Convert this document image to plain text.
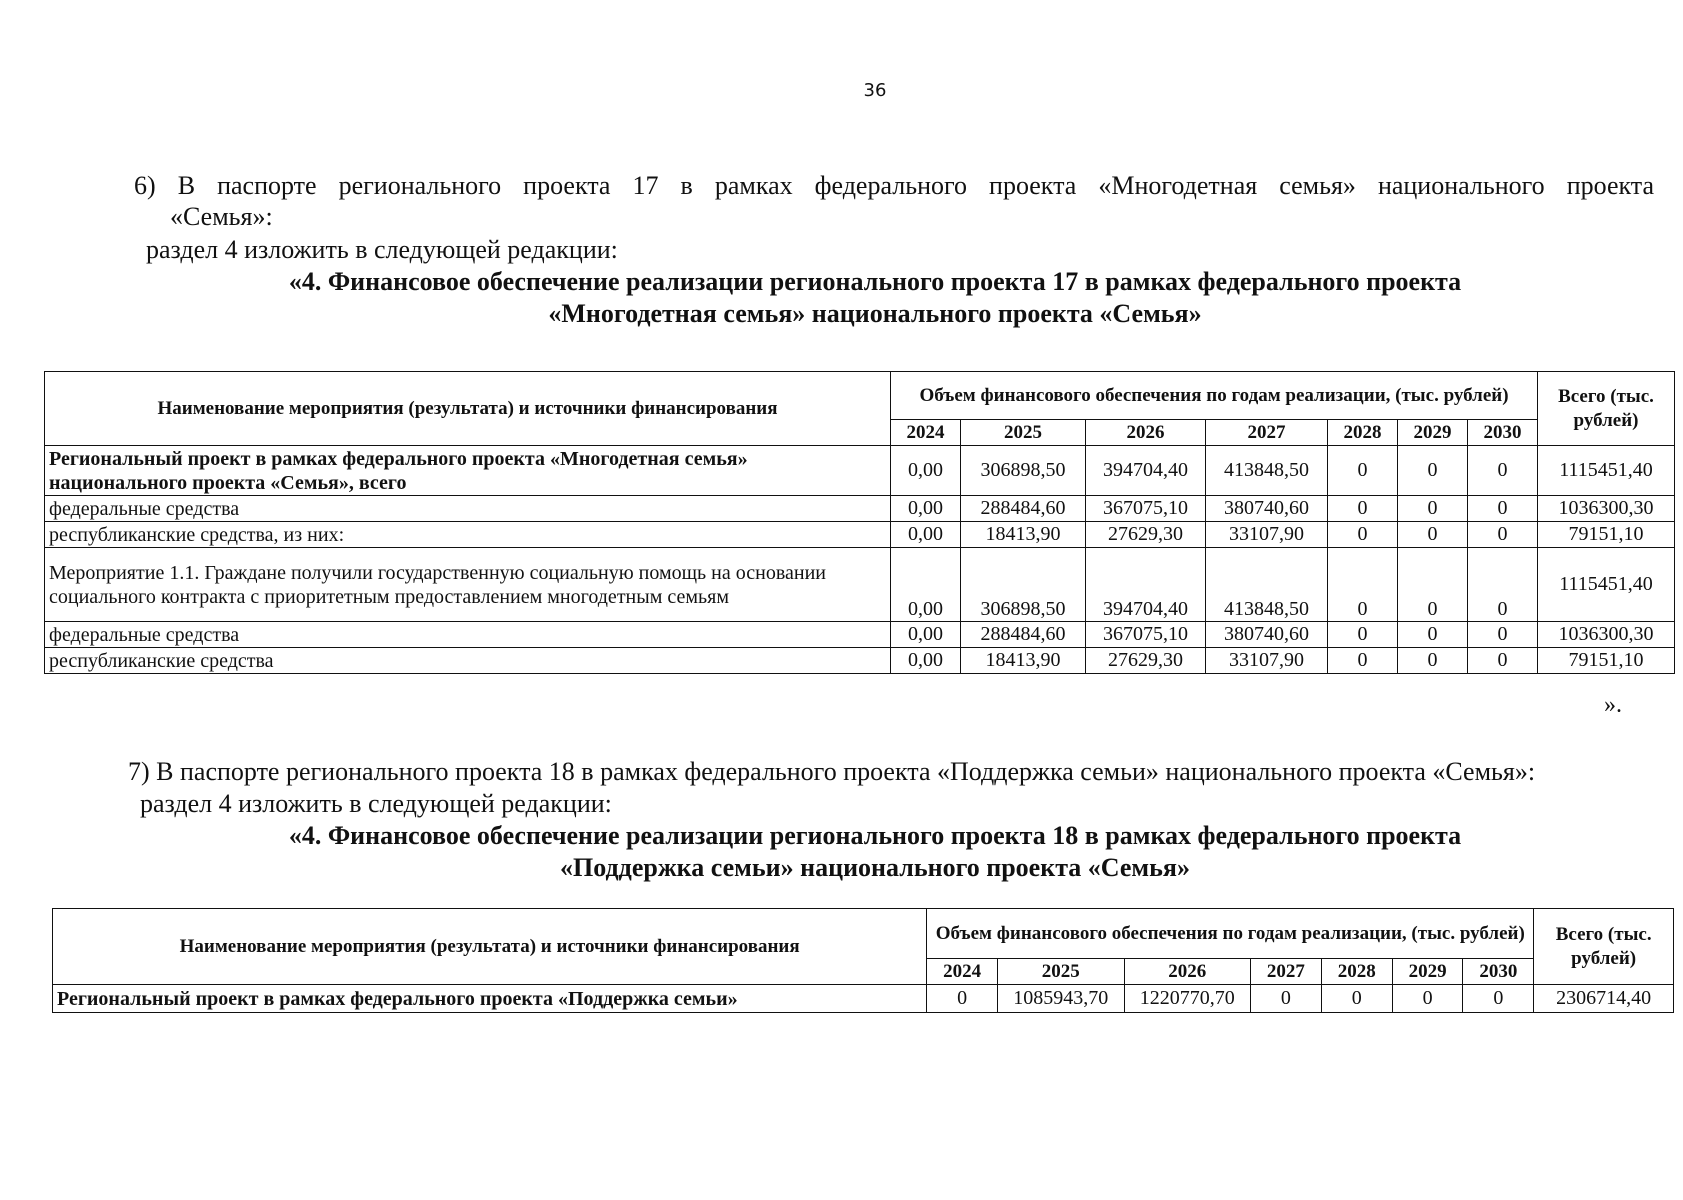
36
6) В паспорте регионального проекта 17 в рамках федерального проекта «Многодетная семья» национального проекта
«Семья»:
раздел 4 изложить в следующей редакции:
«4. Финансовое обеспечение реализации регионального проекта 17 в рамках федерального проекта
«Многодетная семья» национального проекта «Семья»
Наименование мероприятия (результата) и источники финансирования	Объем финансового обеспечения по годам реализации, (тыс. рублей)							Всего (тыс. рублей)
	2024	2025	2026	2027	2028	2029	2030	
Региональный проект в рамках федерального проекта «Многодетная семья» национального проекта «Семья», всего	0,00	306898,50	394704,40	413848,50	0	0	0	1115451,40
федеральные средства	0,00	288484,60	367075,10	380740,60	0	0	0	1036300,30
республиканские средства, из них:	0,00	18413,90	27629,30	33107,90	0	0	0	79151,10
Мероприятие 1.1. Граждане получили государственную социальную помощь на основании социального контракта с приоритетным предоставлением многодетным семьям	0,00	306898,50	394704,40	413848,50	0	0	0	1115451,40
федеральные средства	0,00	288484,60	367075,10	380740,60	0	0	0	1036300,30
республиканские средства	0,00	18413,90	27629,30	33107,90	0	0	0	79151,10
».
7) В паспорте регионального проекта 18 в рамках федерального проекта «Поддержка семьи» национального проекта «Семья»:
раздел 4 изложить в следующей редакции:
«4. Финансовое обеспечение реализации регионального проекта 18 в рамках федерального проекта
«Поддержка семьи» национального проекта «Семья»
Наименование мероприятия (результата) и источники финансирования	Объем финансового обеспечения по годам реализации, (тыс. рублей)							Всего (тыс. рублей)
	2024	2025	2026	2027	2028	2029	2030	
Региональный проект в рамках федерального проекта «Поддержка семьи»	0	1085943,70	1220770,70	0	0	0	0	2306714,40
